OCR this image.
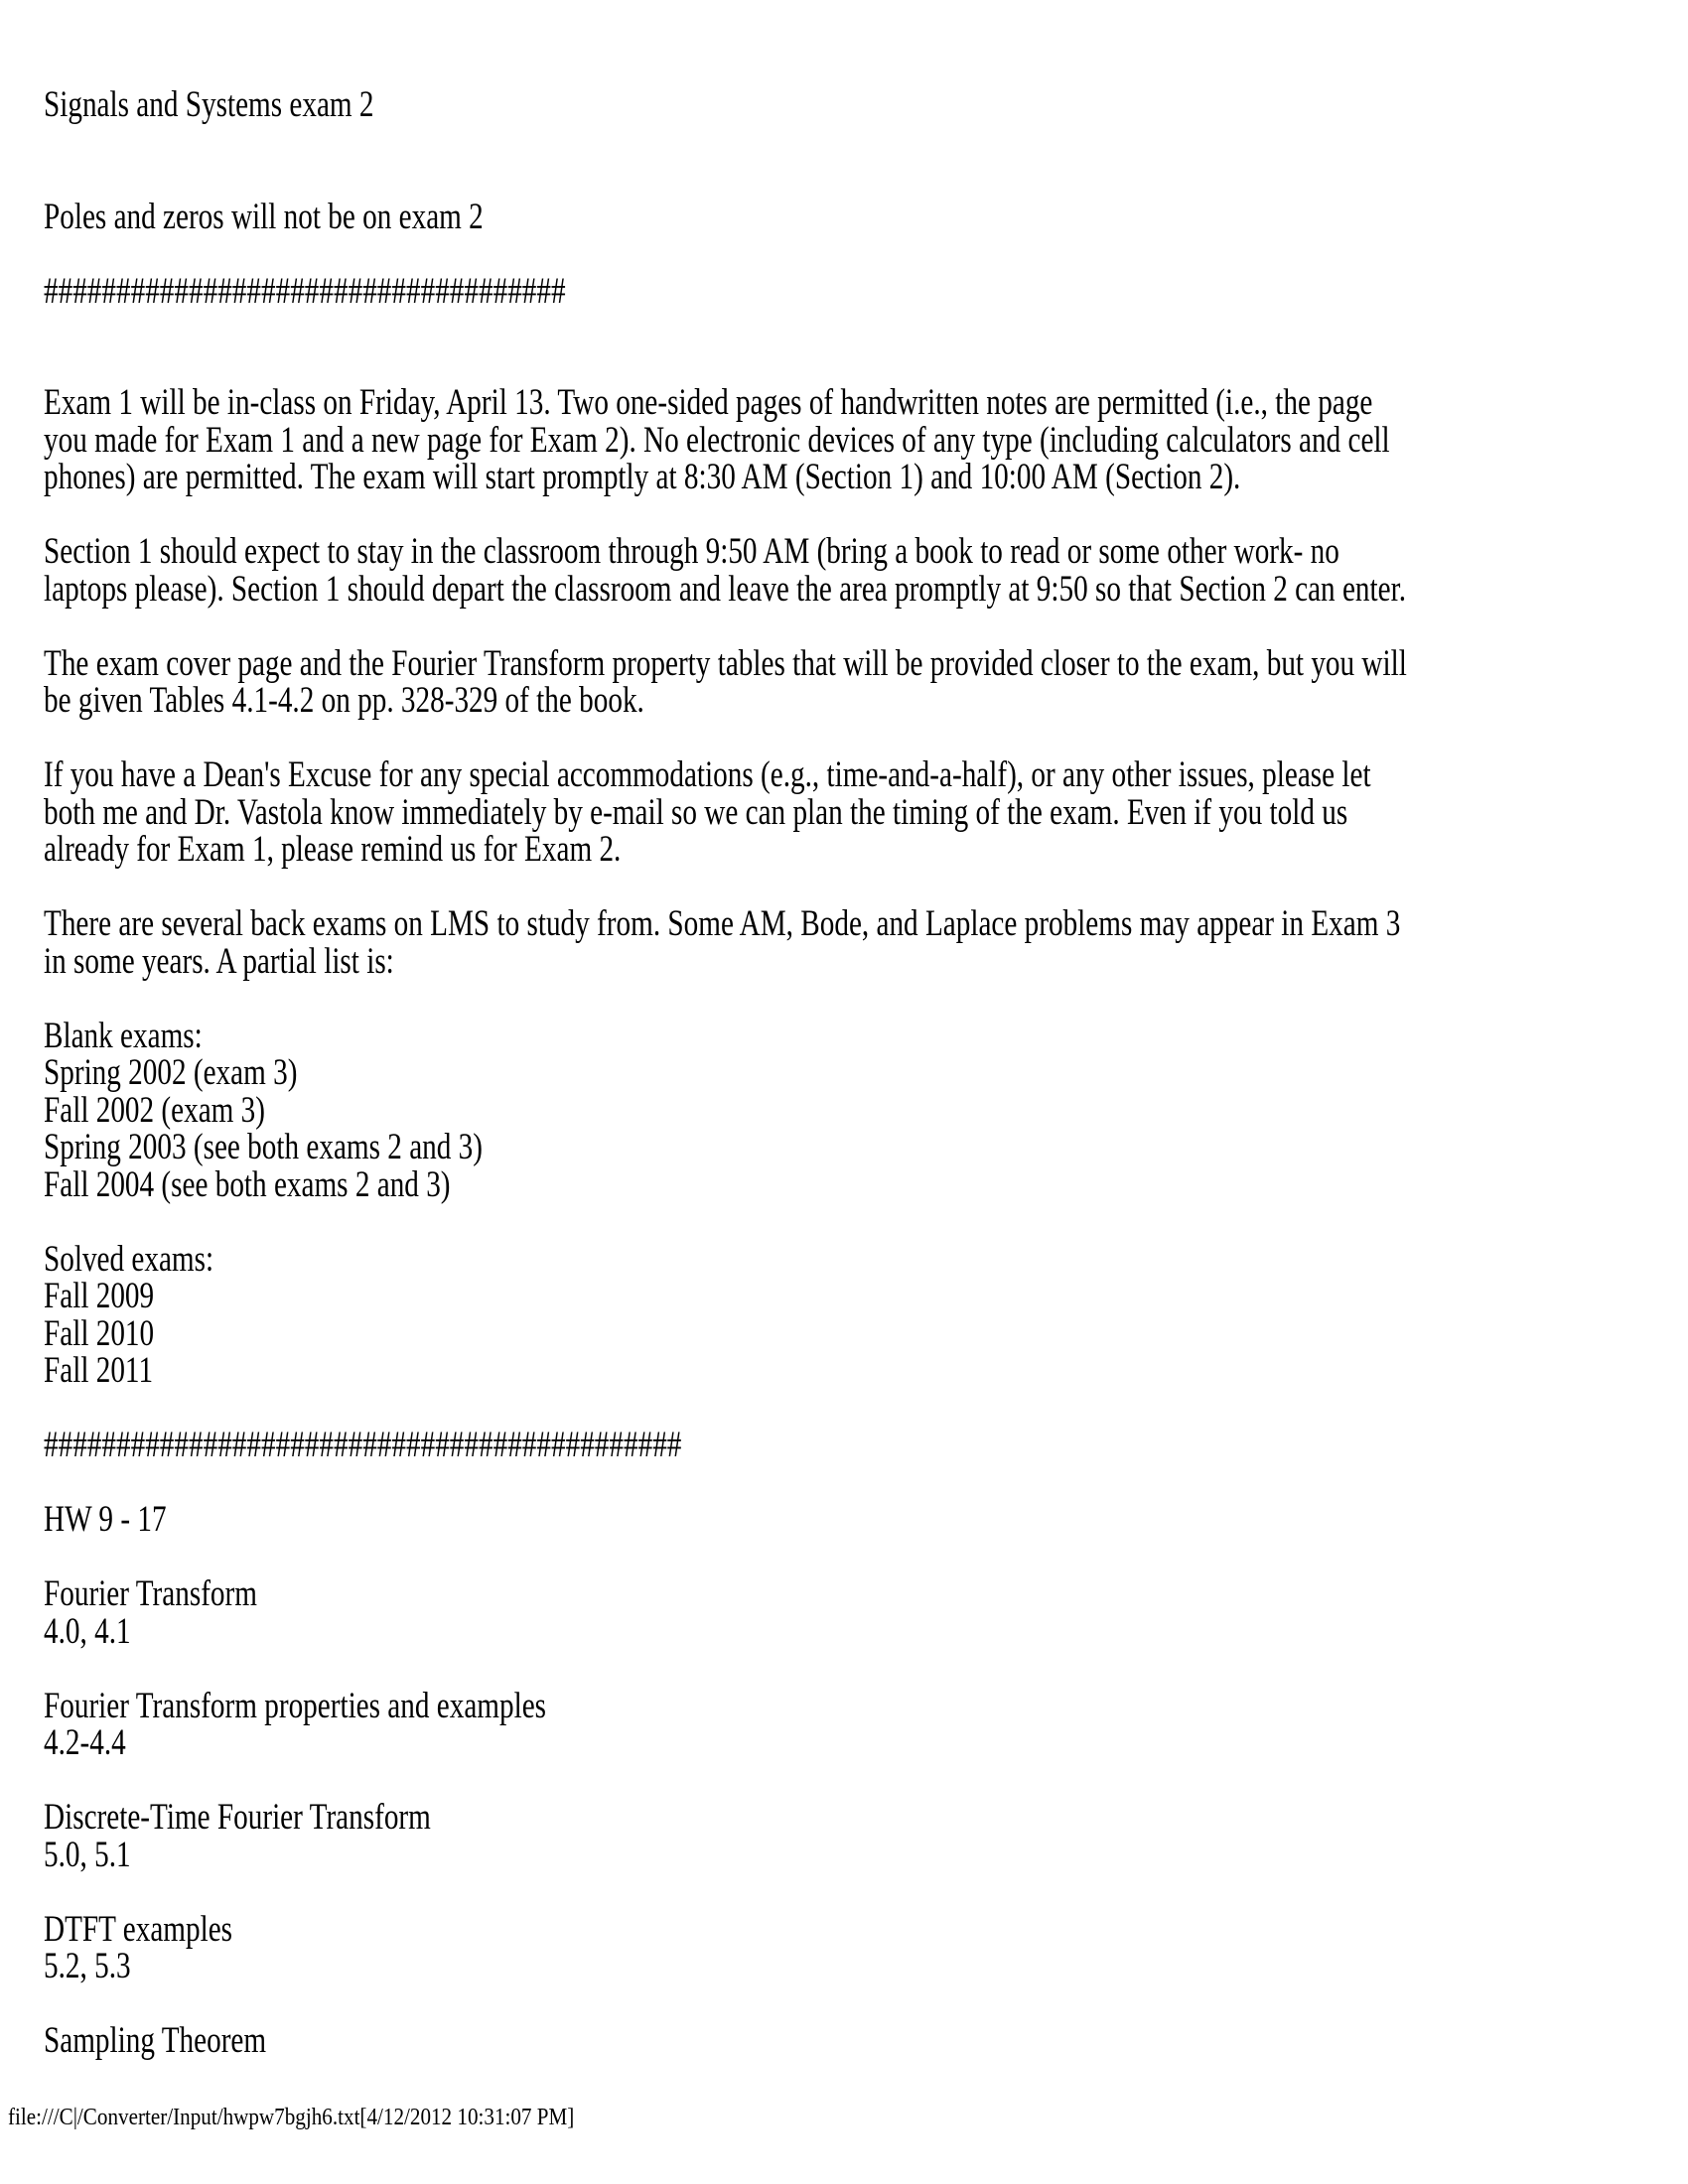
Signals and Systems exam 2
Poles and zeros will not be on exam 2
####################################
Exam 1 will be in-class on Friday, April 13. Two one-sided pages of handwritten notes are permitted (i.e., the page
you made for Exam 1 and a new page for Exam 2). No electronic devices of any type (including calculators and cell
phones) are permitted. The exam will start promptly at 8:30 AM (Section 1) and 10:00 AM (Section 2).
Section 1 should expect to stay in the classroom through 9:50 AM (bring a book to read or some other work- no
laptops please). Section 1 should depart the classroom and leave the area promptly at 9:50 so that Section 2 can enter.
The exam cover page and the Fourier Transform property tables that will be provided closer to the exam, but you will
be given Tables 4.1-4.2 on pp. 328-329 of the book.
If you have a Dean's Excuse for any special accommodations (e.g., time-and-a-half), or any other issues, please let
both me and Dr. Vastola know immediately by e-mail so we can plan the timing of the exam. Even if you told us
already for Exam 1, please remind us for Exam 2.
There are several back exams on LMS to study from. Some AM, Bode, and Laplace problems may appear in Exam 3
in some years. A partial list is:
Blank exams:
Spring 2002 (exam 3)
Fall 2002 (exam 3)
Spring 2003 (see both exams 2 and 3)
Fall 2004 (see both exams 2 and 3)
Solved exams:
Fall 2009
Fall 2010
Fall 2011
############################################
HW 9 - 17
Fourier Transform
4.0, 4.1
Fourier Transform properties and examples
4.2-4.4
Discrete-Time Fourier Transform
5.0, 5.1
DTFT examples
5.2, 5.3
Sampling Theorem
file:///C|/Converter/Input/hwpw7bgjh6.txt[4/12/2012 10:31:07 PM]
